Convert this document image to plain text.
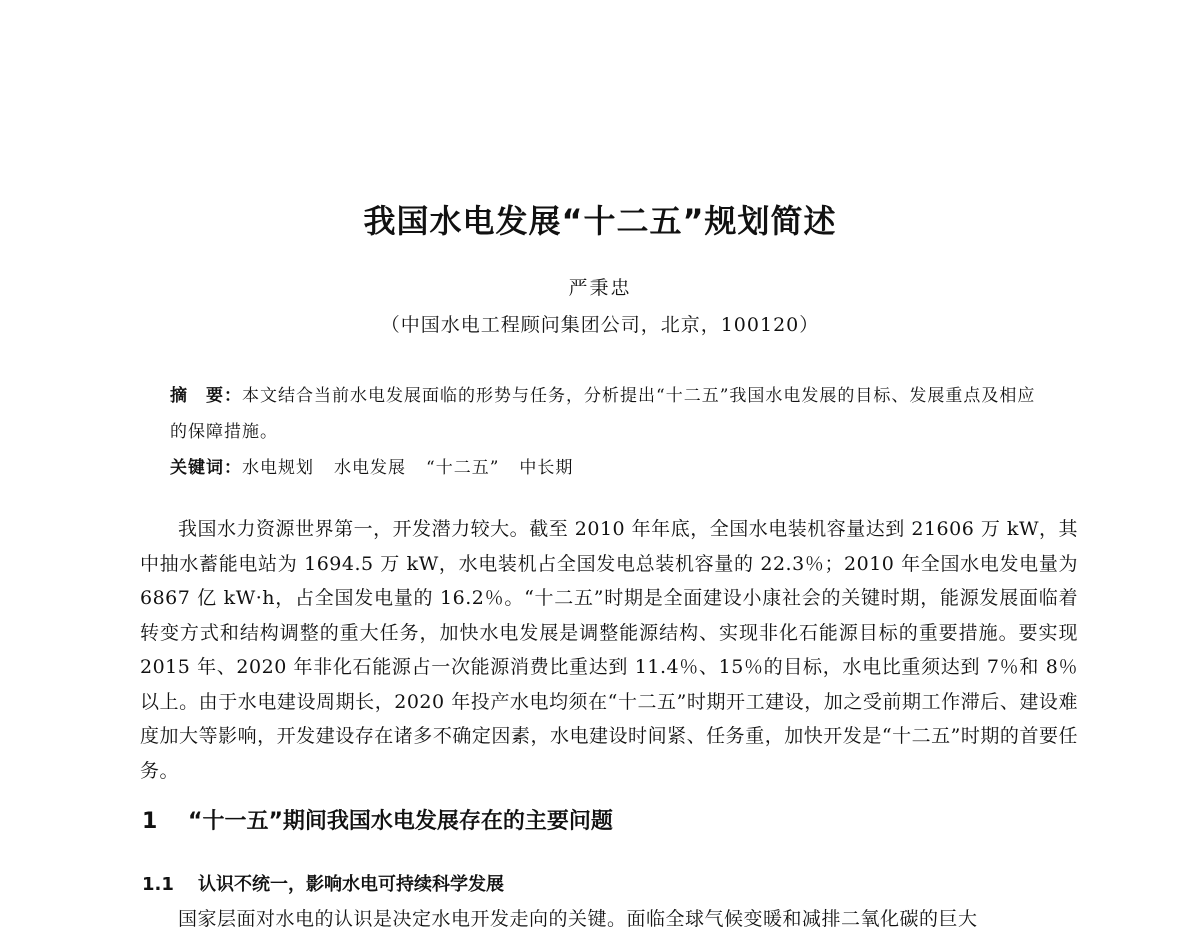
我国水电发展“十二五”规划简述
严秉忠
（中国水电工程顾问集团公司，北京，100120）
摘　要：本文结合当前水电发展面临的形势与任务，分析提出“十二五”我国水电发展的目标、发展重点及相应的保障措施。
关键词：水电规划 水电发展 “十二五” 中长期

我国水力资源世界第一，开发潜力较大。截至 2010 年年底，全国水电装机容量达到 21606 万 kW，其中抽水蓄能电站为 1694.5 万 kW，水电装机占全国发电总装机容量的 22.3％；2010 年全国水电发电量为 6867 亿 kW·h，占全国发电量的 16.2％。“十二五”时期是全面建设小康社会的关键时期，能源发展面临着转变方式和结构调整的重大任务，加快水电发展是调整能源结构、实现非化石能源目标的重要措施。要实现 2015 年、2020 年非化石能源占一次能源消费比重达到 11.4％、15％的目标，水电比重须达到 7％和 8％以上。由于水电建设周期长，2020 年投产水电均须在“十二五”时期开工建设，加之受前期工作滞后、建设难度加大等影响，开发建设存在诸多不确定因素，水电建设时间紧、任务重，加快开发是“十二五”时期的首要任务。

1 “十一五”期间我国水电发展存在的主要问题
1.1 认识不统一，影响水电可持续科学发展
国家层面对水电的认识是决定水电开发走向的关键。面临全球气候变暖和减排二氧化碳的巨大
